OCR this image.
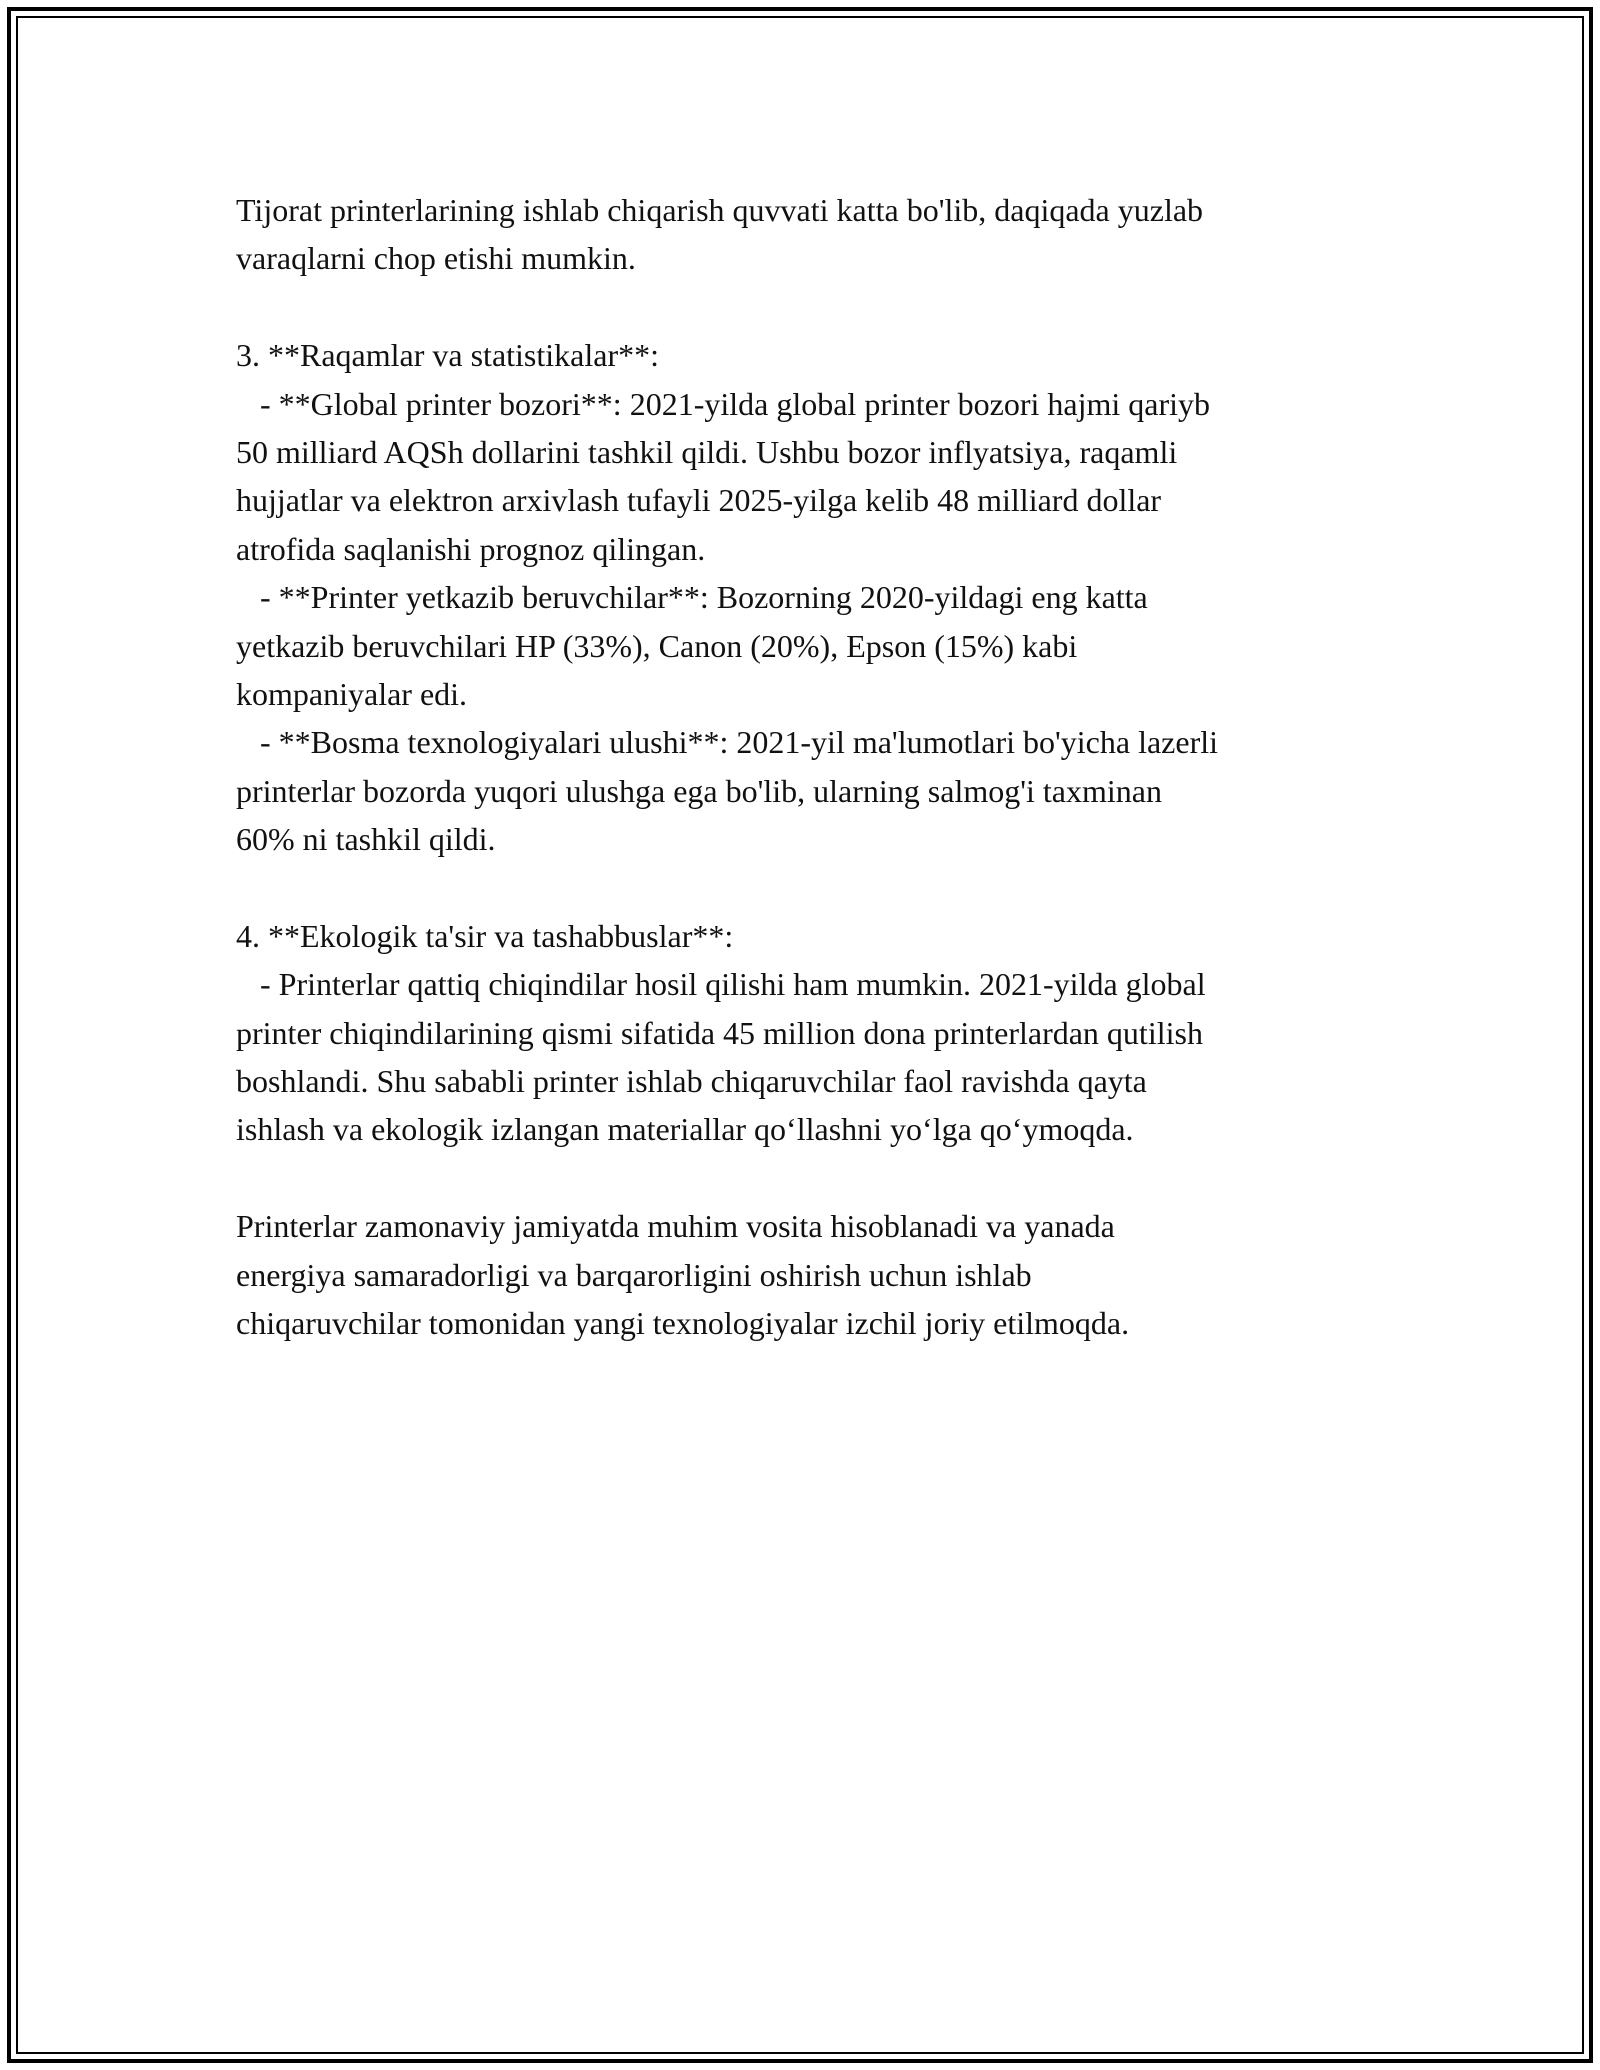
Tijorat printerlarining ishlab chiqarish quvvati katta bo'lib, daqiqada yuzlab
varaqlarni chop etishi mumkin.
3. **Raqamlar va statistikalar**:
- **Global printer bozori**: 2021-yilda global printer bozori hajmi qariyb
50 milliard AQSh dollarini tashkil qildi. Ushbu bozor inflyatsiya, raqamli
hujjatlar va elektron arxivlash tufayli 2025-yilga kelib 48 milliard dollar
atrofida saqlanishi prognoz qilingan.
- **Printer yetkazib beruvchilar**: Bozorning 2020-yildagi eng katta
yetkazib beruvchilari HP (33%), Canon (20%), Epson (15%) kabi
kompaniyalar edi.
- **Bosma texnologiyalari ulushi**: 2021-yil ma'lumotlari bo'yicha lazerli
printerlar bozorda yuqori ulushga ega bo'lib, ularning salmog'i taxminan
60% ni tashkil qildi.
4. **Ekologik ta'sir va tashabbuslar**:
- Printerlar qattiq chiqindilar hosil qilishi ham mumkin. 2021-yilda global
printer chiqindilarining qismi sifatida 45 million dona printerlardan qutilish
boshlandi. Shu sababli printer ishlab chiqaruvchilar faol ravishda qayta
ishlash va ekologik izlangan materiallar qo‘llashni yo‘lga qo‘ymoqda.
Printerlar zamonaviy jamiyatda muhim vosita hisoblanadi va yanada
energiya samaradorligi va barqarorligini oshirish uchun ishlab
chiqaruvchilar tomonidan yangi texnologiyalar izchil joriy etilmoqda.
